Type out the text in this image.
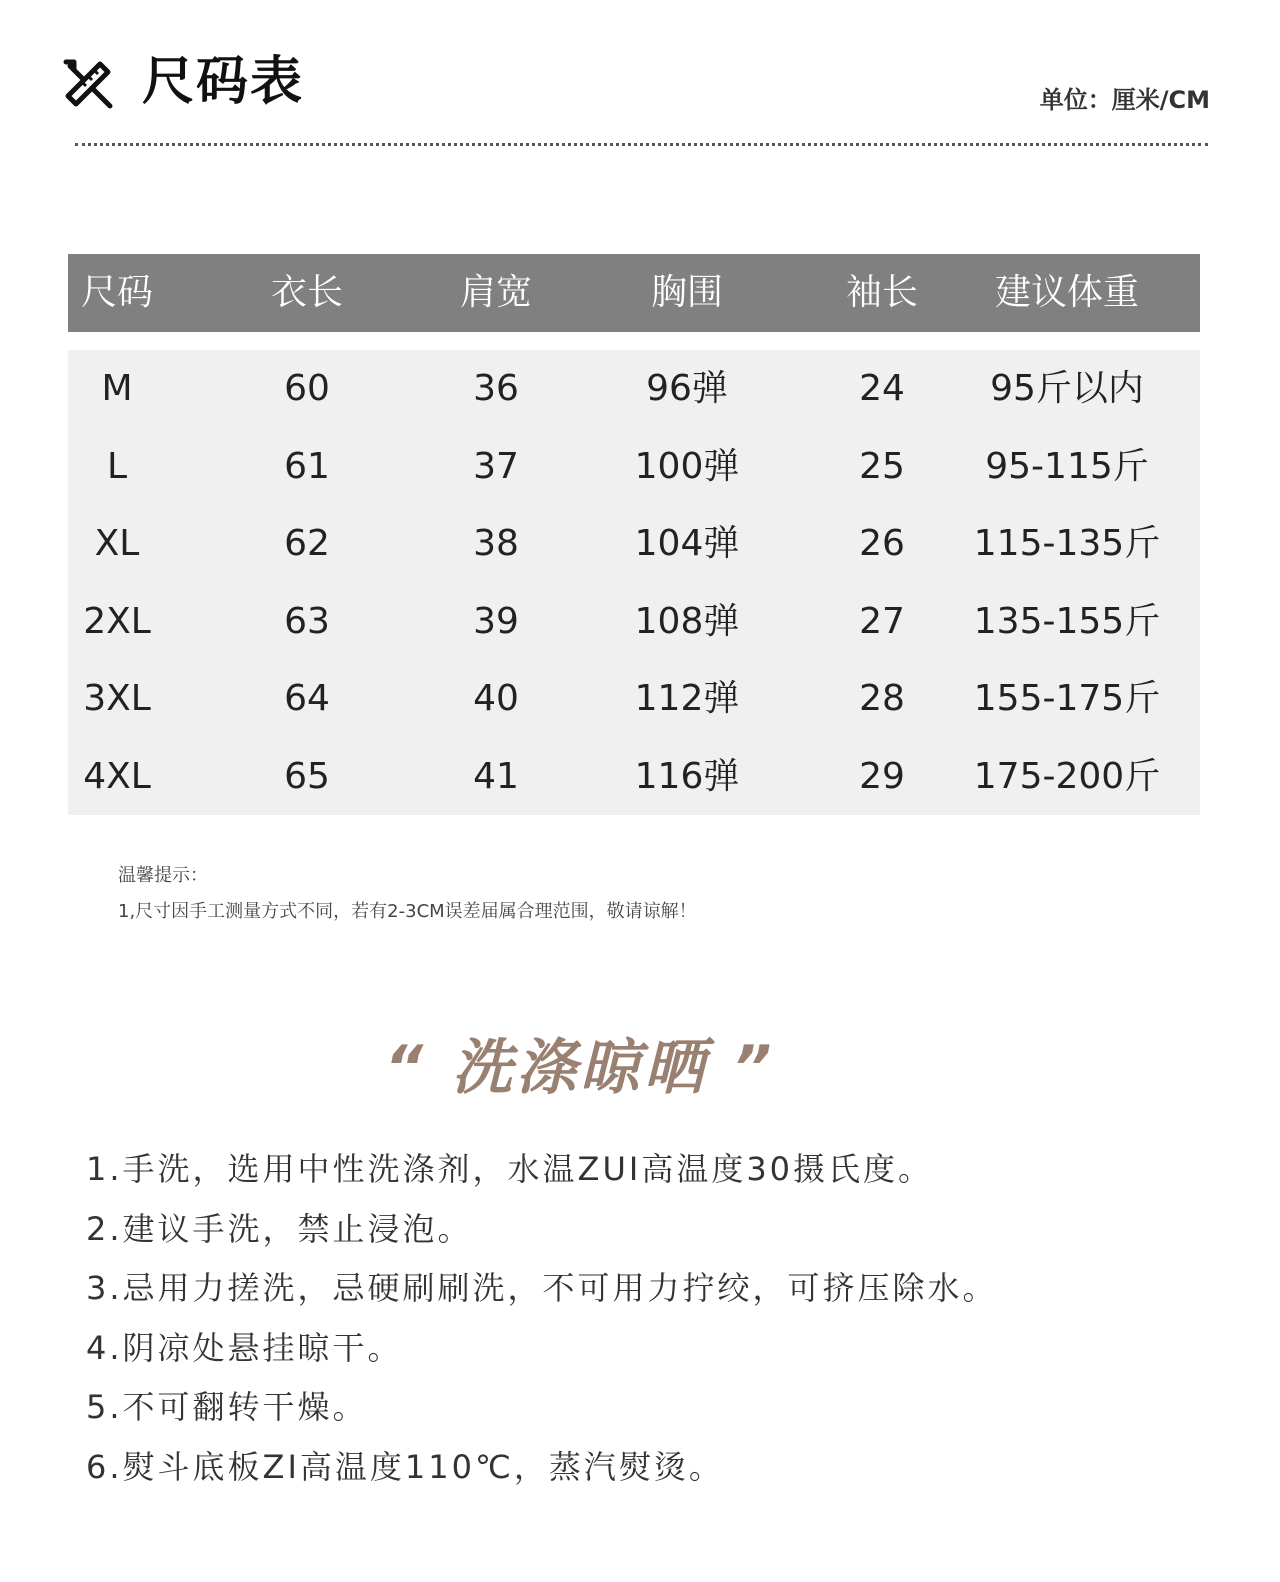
尺码表	单位：厘米/CM
尺码	衣长	肩宽	胸围	袖长	建议体重
M	60	36	96弹	24	95斤以内
L	61	37	100弹	25	95-115斤
XL	62	38	104弹	26	115-135斤
2XL	63	39	108弹	27	135-155斤
3XL	64	40	112弹	28	155-175斤
4XL	65	41	116弹	29	175-200斤
温馨提示：
1,尺寸因手工测量方式不同，若有2-3CM误差届属合理范围，敬请谅解！
“ 洗涤晾晒 ”
1.手洗，选用中性洗涤剂，水温ZUI高温度30摄氏度。
2.建议手洗，禁止浸泡。
3.忌用力搓洗，忌硬刷刷洗，不可用力拧绞，可挤压除水。
4.阴凉处悬挂晾干。
5.不可翻转干燥。
6.熨斗底板ZI高温度110℃，蒸汽熨烫。
